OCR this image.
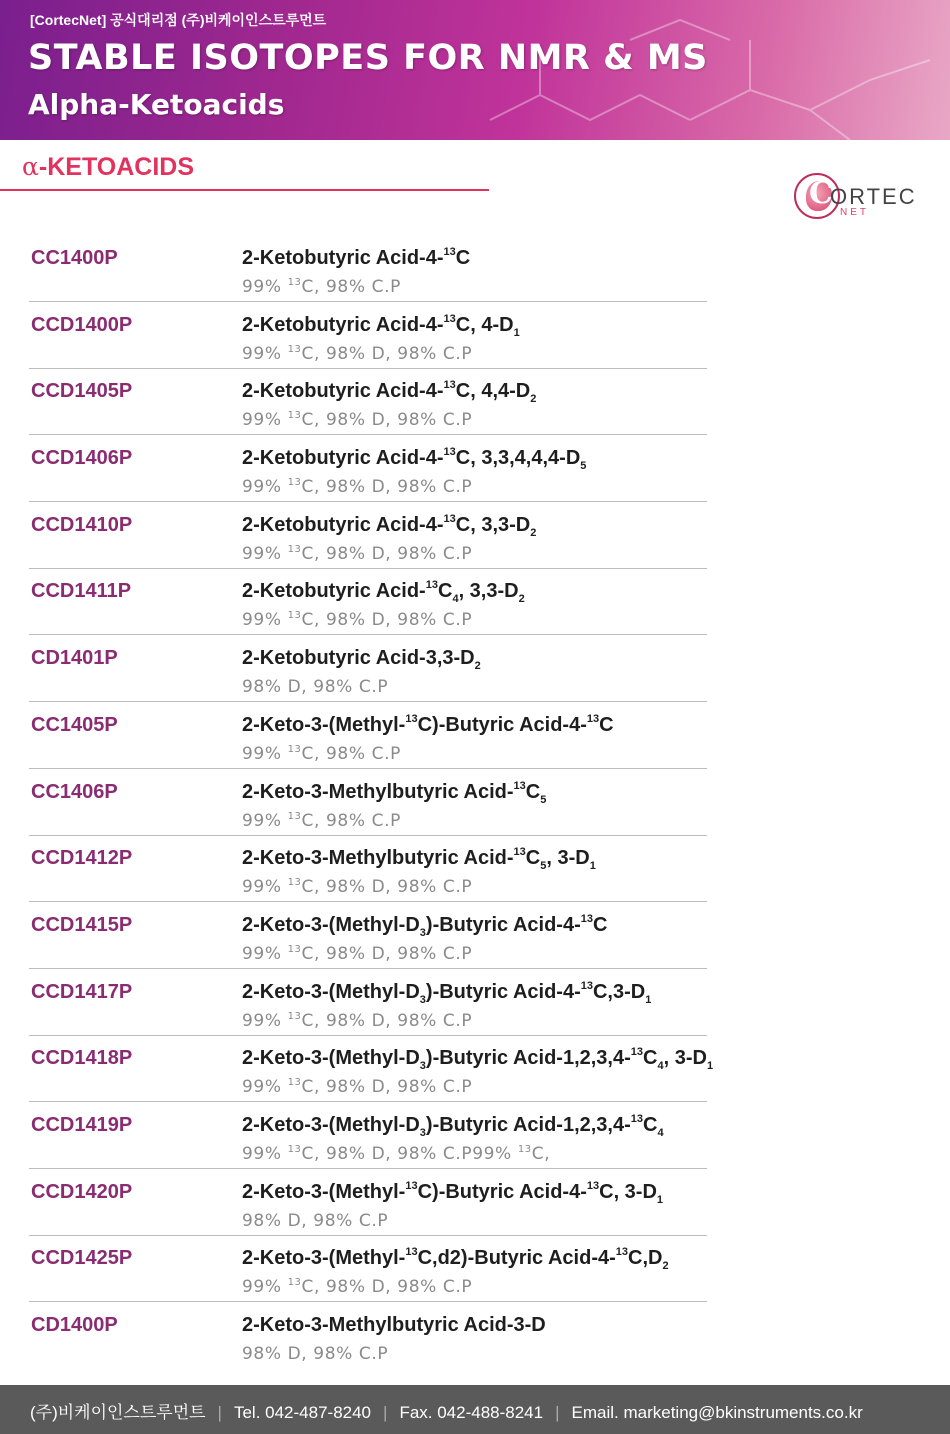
[CortecNet] 공식대리점 (주)비케이인스트루먼트
STABLE ISOTOPES FOR NMR & MS
Alpha-Ketoacids
α-KETOACIDS
C
ORTEC
NET
CC1400P	2-Ketobutyric Acid-4-$^{13}$C
99% $^{13}$C, 98% C.P
CCD1400P	2-Ketobutyric Acid-4-$^{13}$C, $4-D_1$
99% $^{13}$C, 98% D, 98% C.P
CCD1405P	2-Ketobutyric Acid-4-$^{13}$C, $4,4-D_2$
99% $^{13}$C, 98% D, 98% C.P
CCD1406P	2-Ketobutyric Acid-4-$^{13}$C, $3,3,4,4,4-D_5$
99% $^{13}$C, 98% D, 98% C.P
CCD1410P	2-Ketobutyric Acid-4-$^{13}$C, $3,3-D_2$
99% $^{13}$C, 98% D, 98% C.P
CCD1411P	2-Ketobutyric Acid-$^{13}C_4$, $3,3-D_2$
99% $^{13}$C, 98% D, 98% C.P
CD1401P	2-Ketobutyric Acid-$3,3-D_2$
98% D, 98% C.P
CC1405P	2-Keto-3-(Methyl-$^{13}$C)-Butyric Acid-4-$^{13}$C
99% $^{13}$C, 98% C.P
CC1406P	2-Keto-3-Methylbutyric Acid-$^{13}C_5$
99% $^{13}$C, 98% C.P
CCD1412P	2-Keto-3-Methylbutyric Acid-$^{13}C_5$, $3-D_1$
99% $^{13}$C, 98% D, 98% C.P
CCD1415P	$2-Keto-3-(Methyl-D_3)$-Butyric Acid-4-$^{13}$C
99% $^{13}$C, 98% D, 98% C.P
CCD1417P	$2-Keto-3-(Methyl-D_3)$-Butyric Acid-$4-^{13}C,3-D_1$
99% $^{13}$C, 98% D, 98% C.P
CCD1418P	$2-Keto-3-(Methyl-D_3)$-Butyric Acid-$1,2,3,4-^{13}C_4$, $3-D_1$
99% $^{13}$C, 98% D, 98% C.P
CCD1419P	$2-Keto-3-(Methyl-D_3)$-Butyric Acid-$1,2,3,4-^{13}C_4$
99% $^{13}$C, 98% D, 98% C.P99% $^{13}$C,
CCD1420P	2-Keto-3-(Methyl-$^{13}$C)-Butyric Acid-4-$^{13}$C, $3-D_1$
98% D, 98% C.P
CCD1425P	2-Keto-3-(Methyl-$^{13}$C,d2)-Butyric Acid-$4-^{13}C,D_2$
99% $^{13}$C, 98% D, 98% C.P
CD1400P	2-Keto-3-Methylbutyric Acid-3-D
98% D, 98% C.P
(주)비케이인스트루먼트 | Tel. 042-487-8240 | Fax. 042-488-8241 | Email. marketing@bkinstruments.co.kr
